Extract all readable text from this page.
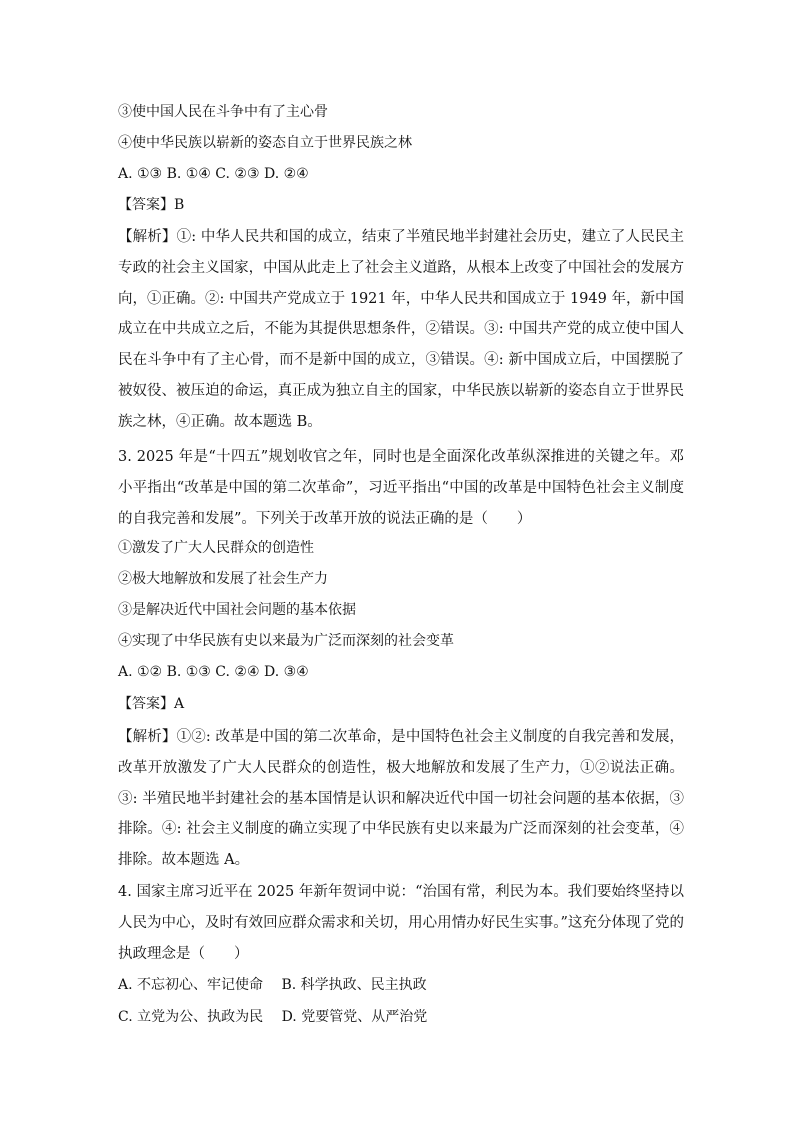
③使中国人民在斗争中有了主心骨
④使中华民族以崭新的姿态自立于世界民族之林
A. ①③ B. ①④ C. ②③ D. ②④
【答案】B
【解析】①: 中华人民共和国的成立，结束了半殖民地半封建社会历史，建立了人民民主专政的社会主义国家，中国从此走上了社会主义道路，从根本上改变了中国社会的发展方向，①正确。②: 中国共产党成立于 1921 年，中华人民共和国成立于 1949 年，新中国成立在中共成立之后，不能为其提供思想条件，②错误。③: 中国共产党的成立使中国人民在斗争中有了主心骨，而不是新中国的成立，③错误。④: 新中国成立后，中国摆脱了被奴役、被压迫的命运，真正成为独立自主的国家，中华民族以崭新的姿态自立于世界民族之林，④正确。故本题选 B。
3. 2025 年是“十四五”规划收官之年，同时也是全面深化改革纵深推进的关键之年。邓小平指出“改革是中国的第二次革命”，习近平指出“中国的改革是中国特色社会主义制度的自我完善和发展”。下列关于改革开放的说法正确的是（　　）
①激发了广大人民群众的创造性
②极大地解放和发展了社会生产力
③是解决近代中国社会问题的基本依据
④实现了中华民族有史以来最为广泛而深刻的社会变革
A. ①② B. ①③ C. ②④ D. ③④
【答案】A
【解析】①②: 改革是中国的第二次革命，是中国特色社会主义制度的自我完善和发展，改革开放激发了广大人民群众的创造性，极大地解放和发展了生产力，①②说法正确。③: 半殖民地半封建社会的基本国情是认识和解决近代中国一切社会问题的基本依据，③排除。④: 社会主义制度的确立实现了中华民族有史以来最为广泛而深刻的社会变革，④排除。故本题选 A。
4. 国家主席习近平在 2025 年新年贺词中说：“治国有常，利民为本。我们要始终坚持以人民为中心，及时有效回应群众需求和关切，用心用情办好民生实事。”这充分体现了党的执政理念是（　　）
A. 不忘初心、牢记使命　 B. 科学执政、民主执政
C. 立党为公、执政为民　 D. 党要管党、从严治党
